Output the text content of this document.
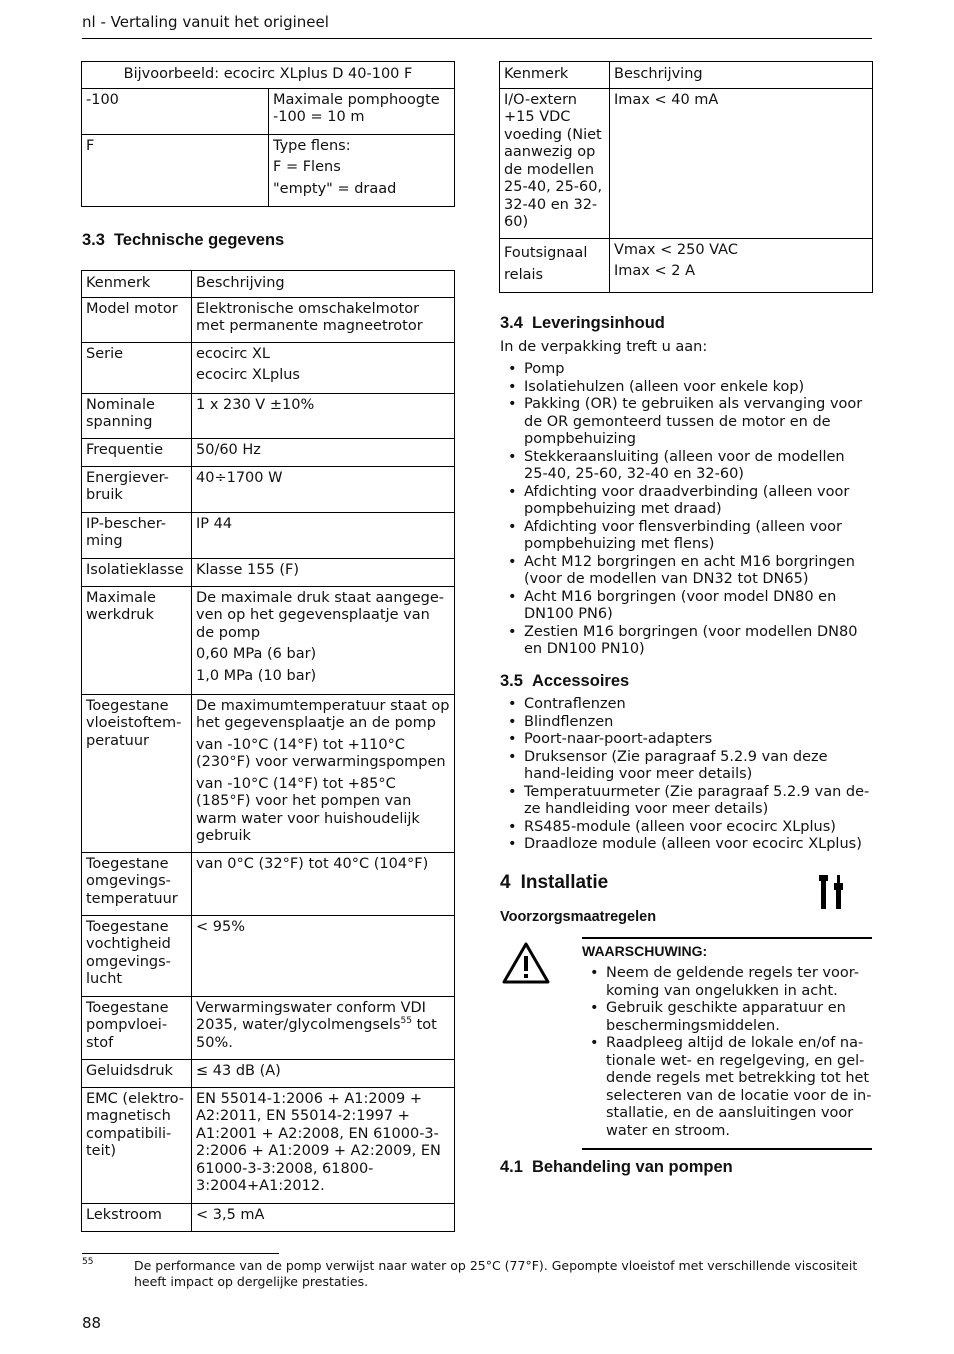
nl - Vertaling vanuit het origineel
Bijvoorbeeld: ecocirc XLplus D 40-100 F	
-100	Maximale pomphoogte -100 = 10 m

F	Type flens:

F = Flens

"empty" = draad

3.3 Technische gegevens
Kenmerk	Beschrijving
Model motor	Elektronische omschakelmotor met permanente magneetrotor

Serie	ecocirc XL

ecocirc XLplus

Nominale spanning	1 x 230 V ±10%

Frequentie	50/60 Hz

Energiever-bruik	40÷1700 W

IP-bescher-ming	IP 44

Isolatieklasse	Klasse 155 (F)

Maximale werkdruk	De maximale druk staat aangege-ven op het gegevensplaatje van de pomp

0,60 MPa (6 bar)

1,0 MPa (10 bar)

Toegestane vloeistoftem-peratuur	De maximumtemperatuur staat op het gegevensplaatje an de pomp

van -10°C (14°F) tot +110°C (230°F) voor verwarmingspompen

van -10°C (14°F) tot +85°C (185°F) voor het pompen van warm water voor huishoudelijk gebruik

Toegestane omgevings-temperatuur	van 0°C (32°F) tot 40°C (104°F)

Toegestane vochtigheid omgevings-lucht	< 95%

Toegestane pompvloei-stof	Verwarmingswater conform VDI 2035, water/glycolmengsels$^{55}$ tot 50%.

Geluidsdruk	≤ 43 dB (A)

EMC (elektro-magnetisch compatibili-teit)	EN 55014-1:2006 + A1:2009 + A2:2011, EN 55014-2:1997 + A1:2001 + A2:2008, EN 61000-3-2:2006 + A1:2009 + A2:2009, EN 61000-3-3:2008, 61800-3:2004+A1:2012.

Lekstroom	< 3,5 mA

Kenmerk	Beschrijving
I/O-extern +15 VDC voeding (Niet aanwezig op de modellen 25-40, 25-60, 32-40 en 32-60)	Imax < 40 mA

Foutsignaal relais	Vmax < 250 VAC

Imax < 2 A

3.4 Leveringsinhoud
In de verpakking treft u aan:
• Pomp
• Isolatiehulzen (alleen voor enkele kop)
• Pakking (OR) te gebruiken als vervanging voor de OR gemonteerd tussen de motor en de pompbehuizing
• Stekkeraansluiting (alleen voor de modellen 25-40, 25-60, 32-40 en 32-60)
• Afdichting voor draadverbinding (alleen voor pompbehuizing met draad)
• Afdichting voor flensverbinding (alleen voor pompbehuizing met flens)
• Acht M12 borgringen en acht M16 borgringen (voor de modellen van DN32 tot DN65)
• Acht M16 borgringen (voor model DN80 en DN100 PN6)
• Zestien M16 borgringen (voor modellen DN80 en DN100 PN10)
3.5 Accessoires
• Contraflenzen
• Blindflenzen
• Poort-naar-poort-adapters
• Druksensor (Zie paragraaf 5.2.9 van deze hand-leiding voor meer details)
• Temperatuurmeter (Zie paragraaf 5.2.9 van de-ze handleiding voor meer details)
• RS485-module (alleen voor ecocirc XLplus)
• Draadloze module (alleen voor ecocirc XLplus)
4 Installatie
Voorzorgsmaatregelen
WAARSCHUWING:
• Neem de geldende regels ter voor-koming van ongelukken in acht.
• Gebruik geschikte apparatuur en beschermingsmiddelen.
• Raadpleeg altijd de lokale en/of na-tionale wet- en regelgeving, en gel-dende regels met betrekking tot het selecteren van de locatie voor de in-stallatie, en de aansluitingen voor water en stroom.
4.1 Behandeling van pompen
55	De performance van de pomp verwijst naar water op 25°C (77°F). Gepompte vloeistof met verschillende viscositeit heeft impact op dergelijke prestaties.
88
